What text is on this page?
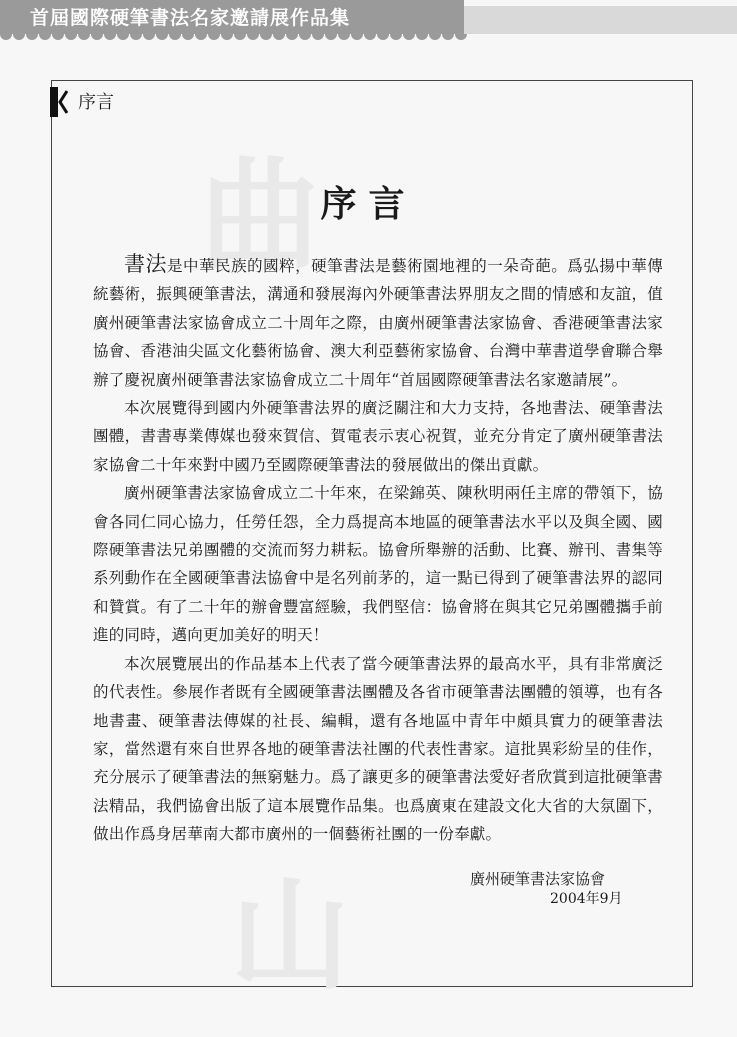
首屆國際硬筆書法名家邀請展作品集
曲
山
序言
序言

書法是中華民族的國粹，硬筆書法是藝術園地裡的一朵奇葩。爲弘揚中華傳統藝術，振興硬筆書法，溝通和發展海內外硬筆書法界朋友之間的情感和友誼，值廣州硬筆書法家協會成立二十周年之際，由廣州硬筆書法家協會、香港硬筆書法家協會、香港油尖區文化藝術協會、澳大利亞藝術家協會、台灣中華書道學會聯合舉辦了慶祝廣州硬筆書法家協會成立二十周年“首屆國際硬筆書法名家邀請展”。

本次展覽得到國内外硬筆書法界的廣泛關注和大力支持，各地書法、硬筆書法團體，書書專業傳媒也發來賀信、賀電表示衷心祝賀，並充分肯定了廣州硬筆書法家協會二十年來對中國乃至國際硬筆書法的發展做出的傑出貢獻。

廣州硬筆書法家協會成立二十年來，在梁錦英、陳秋明兩任主席的帶領下，協會各同仁同心協力，任勞任怨，全力爲提高本地區的硬筆書法水平以及與全國、國際硬筆書法兄弟團體的交流而努力耕耘。協會所舉辦的活動、比賽、辦刊、書集等系列動作在全國硬筆書法協會中是名列前茅的，這一點已得到了硬筆書法界的認同和贊賞。有了二十年的辦會豐富經驗，我們堅信：協會將在與其它兄弟團體攜手前進的同時，邁向更加美好的明天！

本次展覽展出的作品基本上代表了當今硬筆書法界的最高水平，具有非常廣泛的代表性。參展作者既有全國硬筆書法團體及各省市硬筆書法團體的領導，也有各地書畫、硬筆書法傳媒的社長、編輯，還有各地區中青年中頗具實力的硬筆書法家，當然還有來自世界各地的硬筆書法社團的代表性書家。這批異彩紛呈的佳作，充分展示了硬筆書法的無窮魅力。爲了讓更多的硬筆書法愛好者欣賞到這批硬筆書法精品，我們協會出版了這本展覽作品集。也爲廣東在建設文化大省的大氛圍下，做出作爲身居華南大都市廣州的一個藝術社團的一份奉獻。

廣州硬筆書法家協會
2004年9月
